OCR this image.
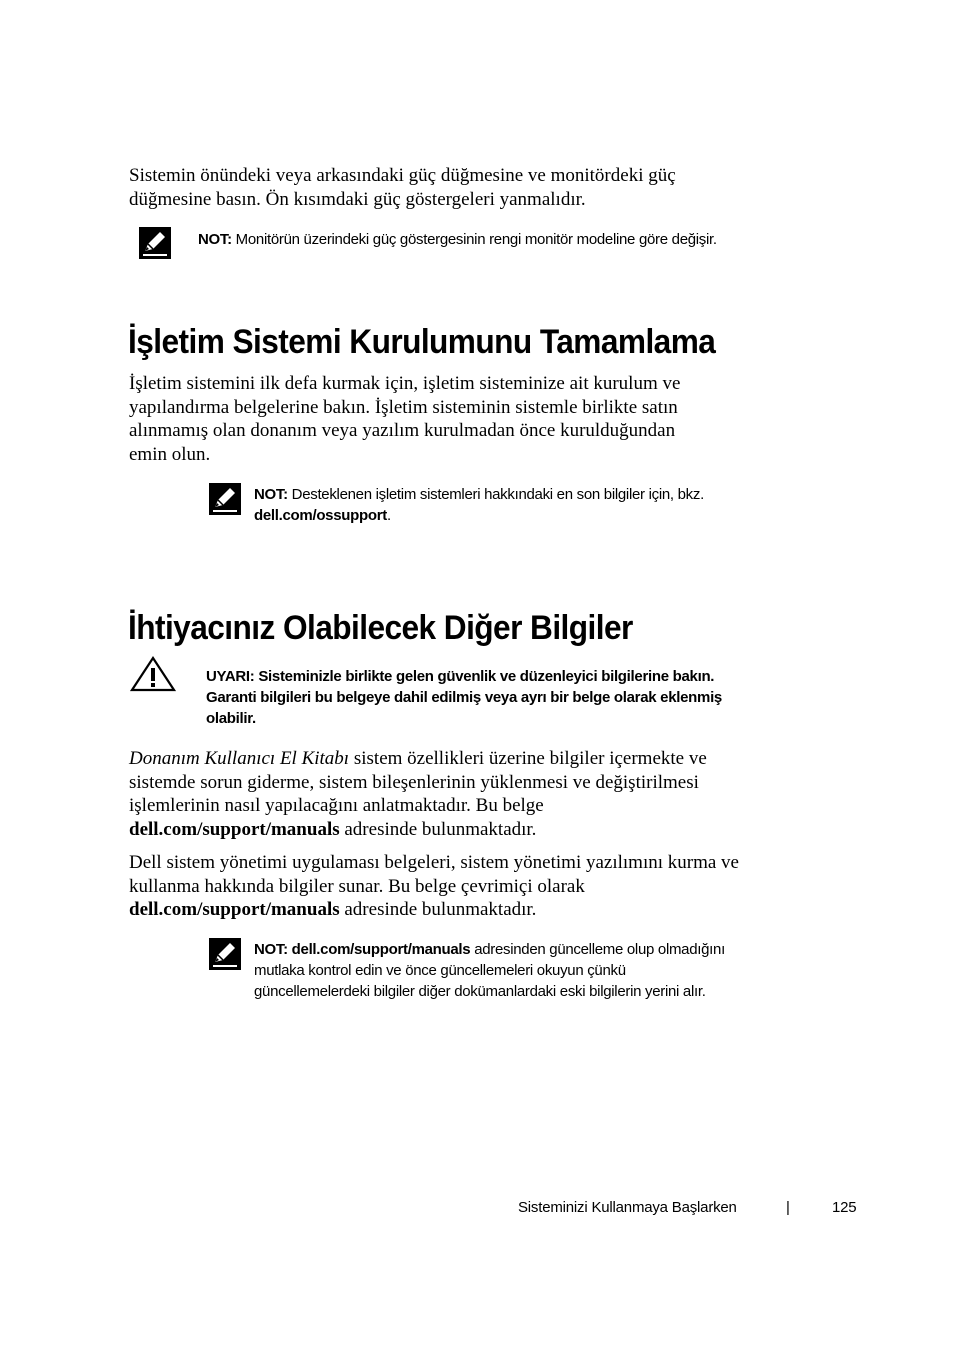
Sistemin önündeki veya arkasındaki güç düğmesine ve monitördeki güç
düğmesine basın. Ön kısımdaki güç göstergeleri yanmalıdır.
NOT: Monitörün üzerindeki güç göstergesinin rengi monitör modeline göre değişir.
İşletim Sistemi Kurulumunu Tamamlama
İşletim sistemini ilk defa kurmak için, işletim sisteminize ait kurulum ve
yapılandırma belgelerine bakın. İşletim sisteminin sistemle birlikte satın
alınmamış olan donanım veya yazılım kurulmadan önce kurulduğundan
emin olun.
NOT: Desteklenen işletim sistemleri hakkındaki en son bilgiler için, bkz.
dell.com/ossupport.
İhtiyacınız Olabilecek Diğer Bilgiler
UYARI: Sisteminizle birlikte gelen güvenlik ve düzenleyici bilgilerine bakın.
Garanti bilgileri bu belgeye dahil edilmiş veya ayrı bir belge olarak eklenmiş
olabilir.
Donanım Kullanıcı El Kitabı sistem özellikleri üzerine bilgiler içermekte ve
sistemde sorun giderme, sistem bileşenlerinin yüklenmesi ve değiştirilmesi
işlemlerinin nasıl yapılacağını anlatmaktadır. Bu belge
dell.com/support/manuals adresinde bulunmaktadır.
Dell sistem yönetimi uygulaması belgeleri, sistem yönetimi yazılımını kurma ve
kullanma hakkında bilgiler sunar. Bu belge çevrimiçi olarak
dell.com/support/manuals adresinde bulunmaktadır.
NOT: dell.com/support/manuals adresinden güncelleme olup olmadığını
mutlaka kontrol edin ve önce güncellemeleri okuyun çünkü
güncellemelerdeki bilgiler diğer dokümanlardaki eski bilgilerin yerini alır.
Sisteminizi Kullanmaya Başlarken	|	125
